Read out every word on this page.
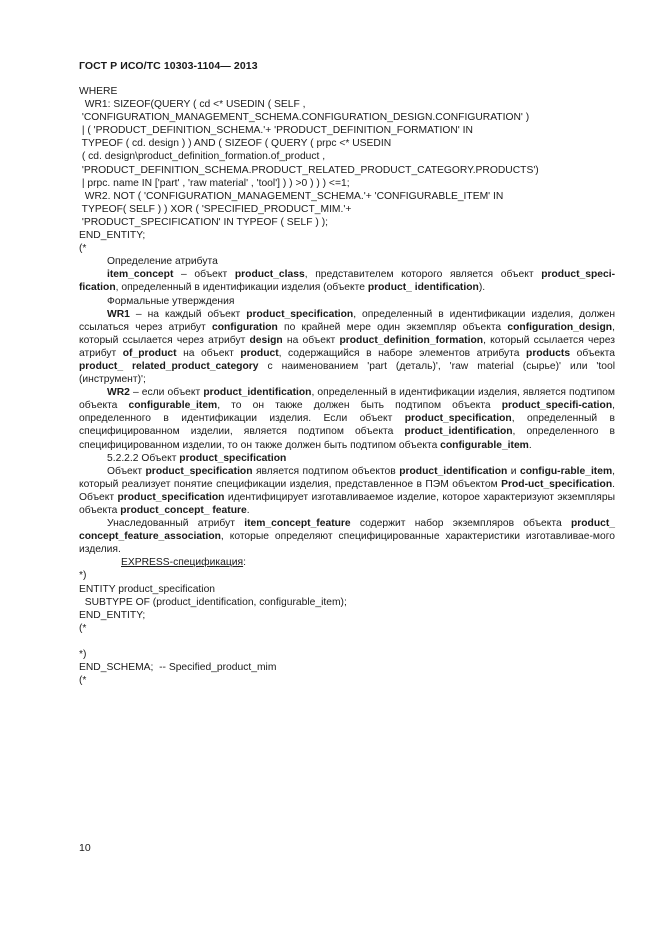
ГОСТ Р ИСО/ТС 10303-1104— 2013

WHERE

WR1: SIZEOF(QUERY ( cd <* USEDIN ( SELF ,

'CONFIGURATION_MANAGEMENT_SCHEMA.CONFIGURATION_DESIGN.CONFIGURATION' )

| ( 'PRODUCT_DEFINITION_SCHEMA.'+ 'PRODUCT_DEFINITION_FORMATION' IN

TYPEOF ( cd. design ) ) AND ( SIZEOF ( QUERY ( prpc <* USEDIN

( cd. design\product_definition_formation.of_product ,

'PRODUCT_DEFINITION_SCHEMA.PRODUCT_RELATED_PRODUCT_CATEGORY.PRODUCTS')

| prpc. name IN ['part' , 'raw material' , 'tool'] ) ) >0 ) ) ) <=1;

WR2. NOT ( 'CONFIGURATION_MANAGEMENT_SCHEMA.'+ 'CONFIGURABLE_ITEM' IN

TYPEOF( SELF ) ) XOR ( 'SPECIFIED_PRODUCT_MIM.'+

'PRODUCT_SPECIFICATION' IN TYPEOF ( SELF ) );

END_ENTITY;

(*

Определение атрибута

item_concept – объект product_class, представителем которого является объект product_speci-fication, определенный в идентификации изделия (объекте product_ identification).

Формальные утверждения

WR1 – на каждый объект product_specification, определенный в идентификации изделия, должен ссылаться через атрибут configuration по крайней мере один экземпляр объекта configuration_design, который ссылается через атрибут design на объект product_definition_formation, который ссылается через атрибут of_product на объект product, содержащийся в наборе элементов атрибута products объекта product_ related_product_category с наименованием 'part (деталь)', 'raw material (сырье)' или 'tool (инструмент)';

WR2 – если объект product_identification, определенный в идентификации изделия, является подтипом объекта configurable_item, то он также должен быть подтипом объекта product_specifi-cation, определенного в идентификации изделия. Если объект product_specification, определенный в специфицированном изделии, является подтипом объекта product_identification, определенного в специфицированном изделии, то он также должен быть подтипом объекта configurable_item.

5.2.2.2 Объект product_specification

Объект product_specification является подтипом объектов product_identification и configu-rable_item, который реализует понятие спецификации изделия, представленное в ПЭМ объектом Prod-uct_specification. Объект product_specification идентифицирует изготавливаемое изделие, которое характеризуют экземпляры объекта product_concept_ feature.

Унаследованный атрибут item_concept_feature содержит набор экземпляров объекта product_ concept_feature_association, которые определяют специфицированные характеристики изготавливае-мого изделия.

EXPRESS-спецификация:

*)

ENTITY product_specification

SUBTYPE OF (product_identification, configurable_item);

END_ENTITY;

(*

*)

END_SCHEMA;  -- Specified_product_mim

(*

10
